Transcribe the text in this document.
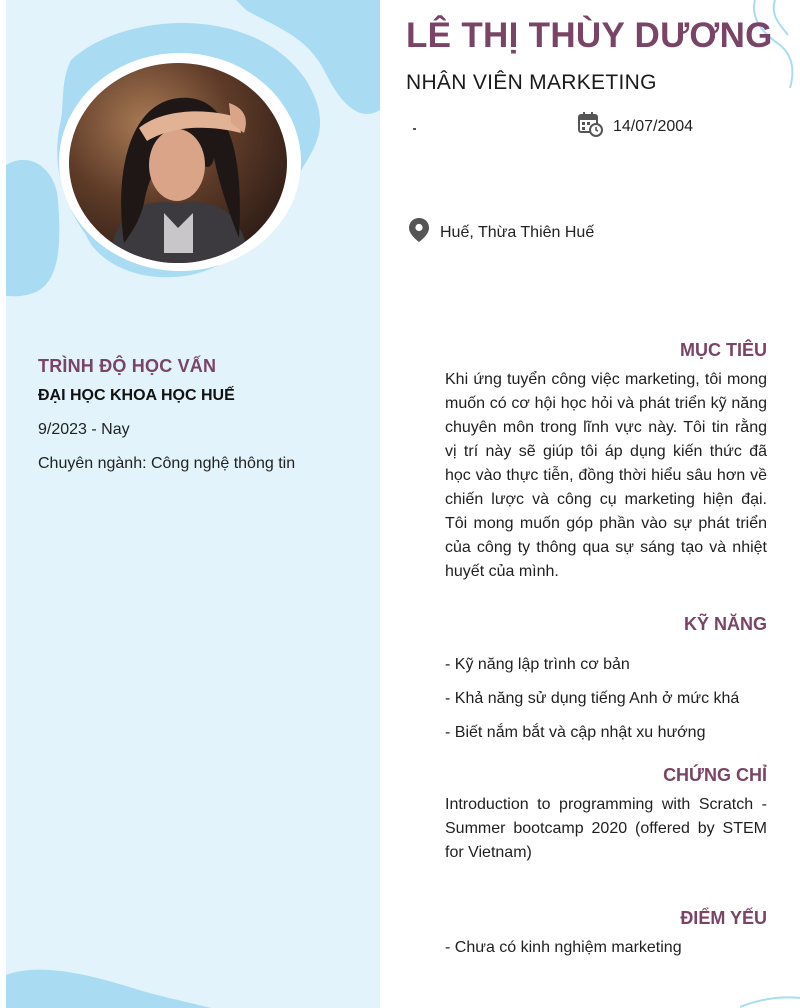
TRÌNH ĐỘ HỌC VẤN
ĐẠI HỌC KHOA HỌC HUẾ
9/2023 - Nay
Chuyên ngành: Công nghệ thông tin
LÊ THỊ THÙY DƯƠNG
NHÂN VIÊN MARKETING
14/07/2004
Huế, Thừa Thiên Huế
MỤC TIÊU
Khi ứng tuyển công việc marketing, tôi mong muốn có cơ hội học hỏi và phát triển kỹ năng chuyên môn trong lĩnh vực này. Tôi tin rằng vị trí này sẽ giúp tôi áp dụng kiến thức đã học vào thực tiễn, đồng thời hiểu sâu hơn về chiến lược và công cụ marketing hiện đại. Tôi mong muốn góp phần vào sự phát triển của công ty thông qua sự sáng tạo và nhiệt huyết của mình.
KỸ NĂNG
- Kỹ năng lập trình cơ bản
- Khả năng sử dụng tiếng Anh ở mức khá
- Biết nắm bắt và cập nhật xu hướng
CHỨNG CHỈ
Introduction to programming with Scratch - Summer bootcamp 2020 (offered by STEM for Vietnam)
ĐIỂM YẾU
- Chưa có kinh nghiệm marketing
